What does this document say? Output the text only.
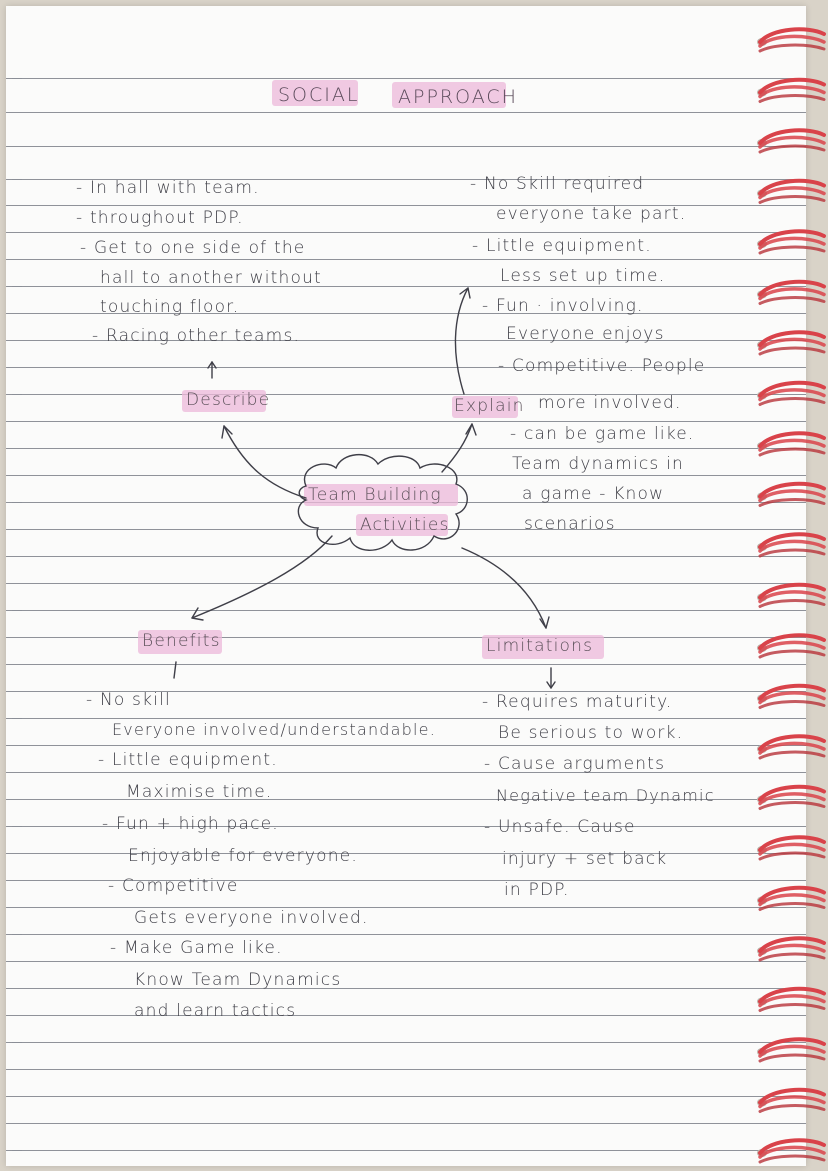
SOCIAL APPROACH
- In hall with team.
- throughout PDP.
- Get to one side of the
hall to another without
touching floor.
- Racing other teams.
- No Skill required
everyone take part.
- Little equipment.
Less set up time.
- Fun · involving.
Everyone enjoys
- Competitive. People
more involved.
- can be game like.
Team dynamics in
a game - Know
scenarios
Describe	Explain
Team Building
Activities
Benefits	Limitations
- No skill
Everyone involved/understandable.
- Little equipment.
Maximise time.
- Fun + high pace.
Enjoyable for everyone.
- Competitive
Gets everyone involved.
- Make Game like.
Know Team Dynamics
and learn tactics
- Requires maturity.
Be serious to work.
- Cause arguments
Negative team Dynamic
- Unsafe. Cause
injury + set back
in PDP.
